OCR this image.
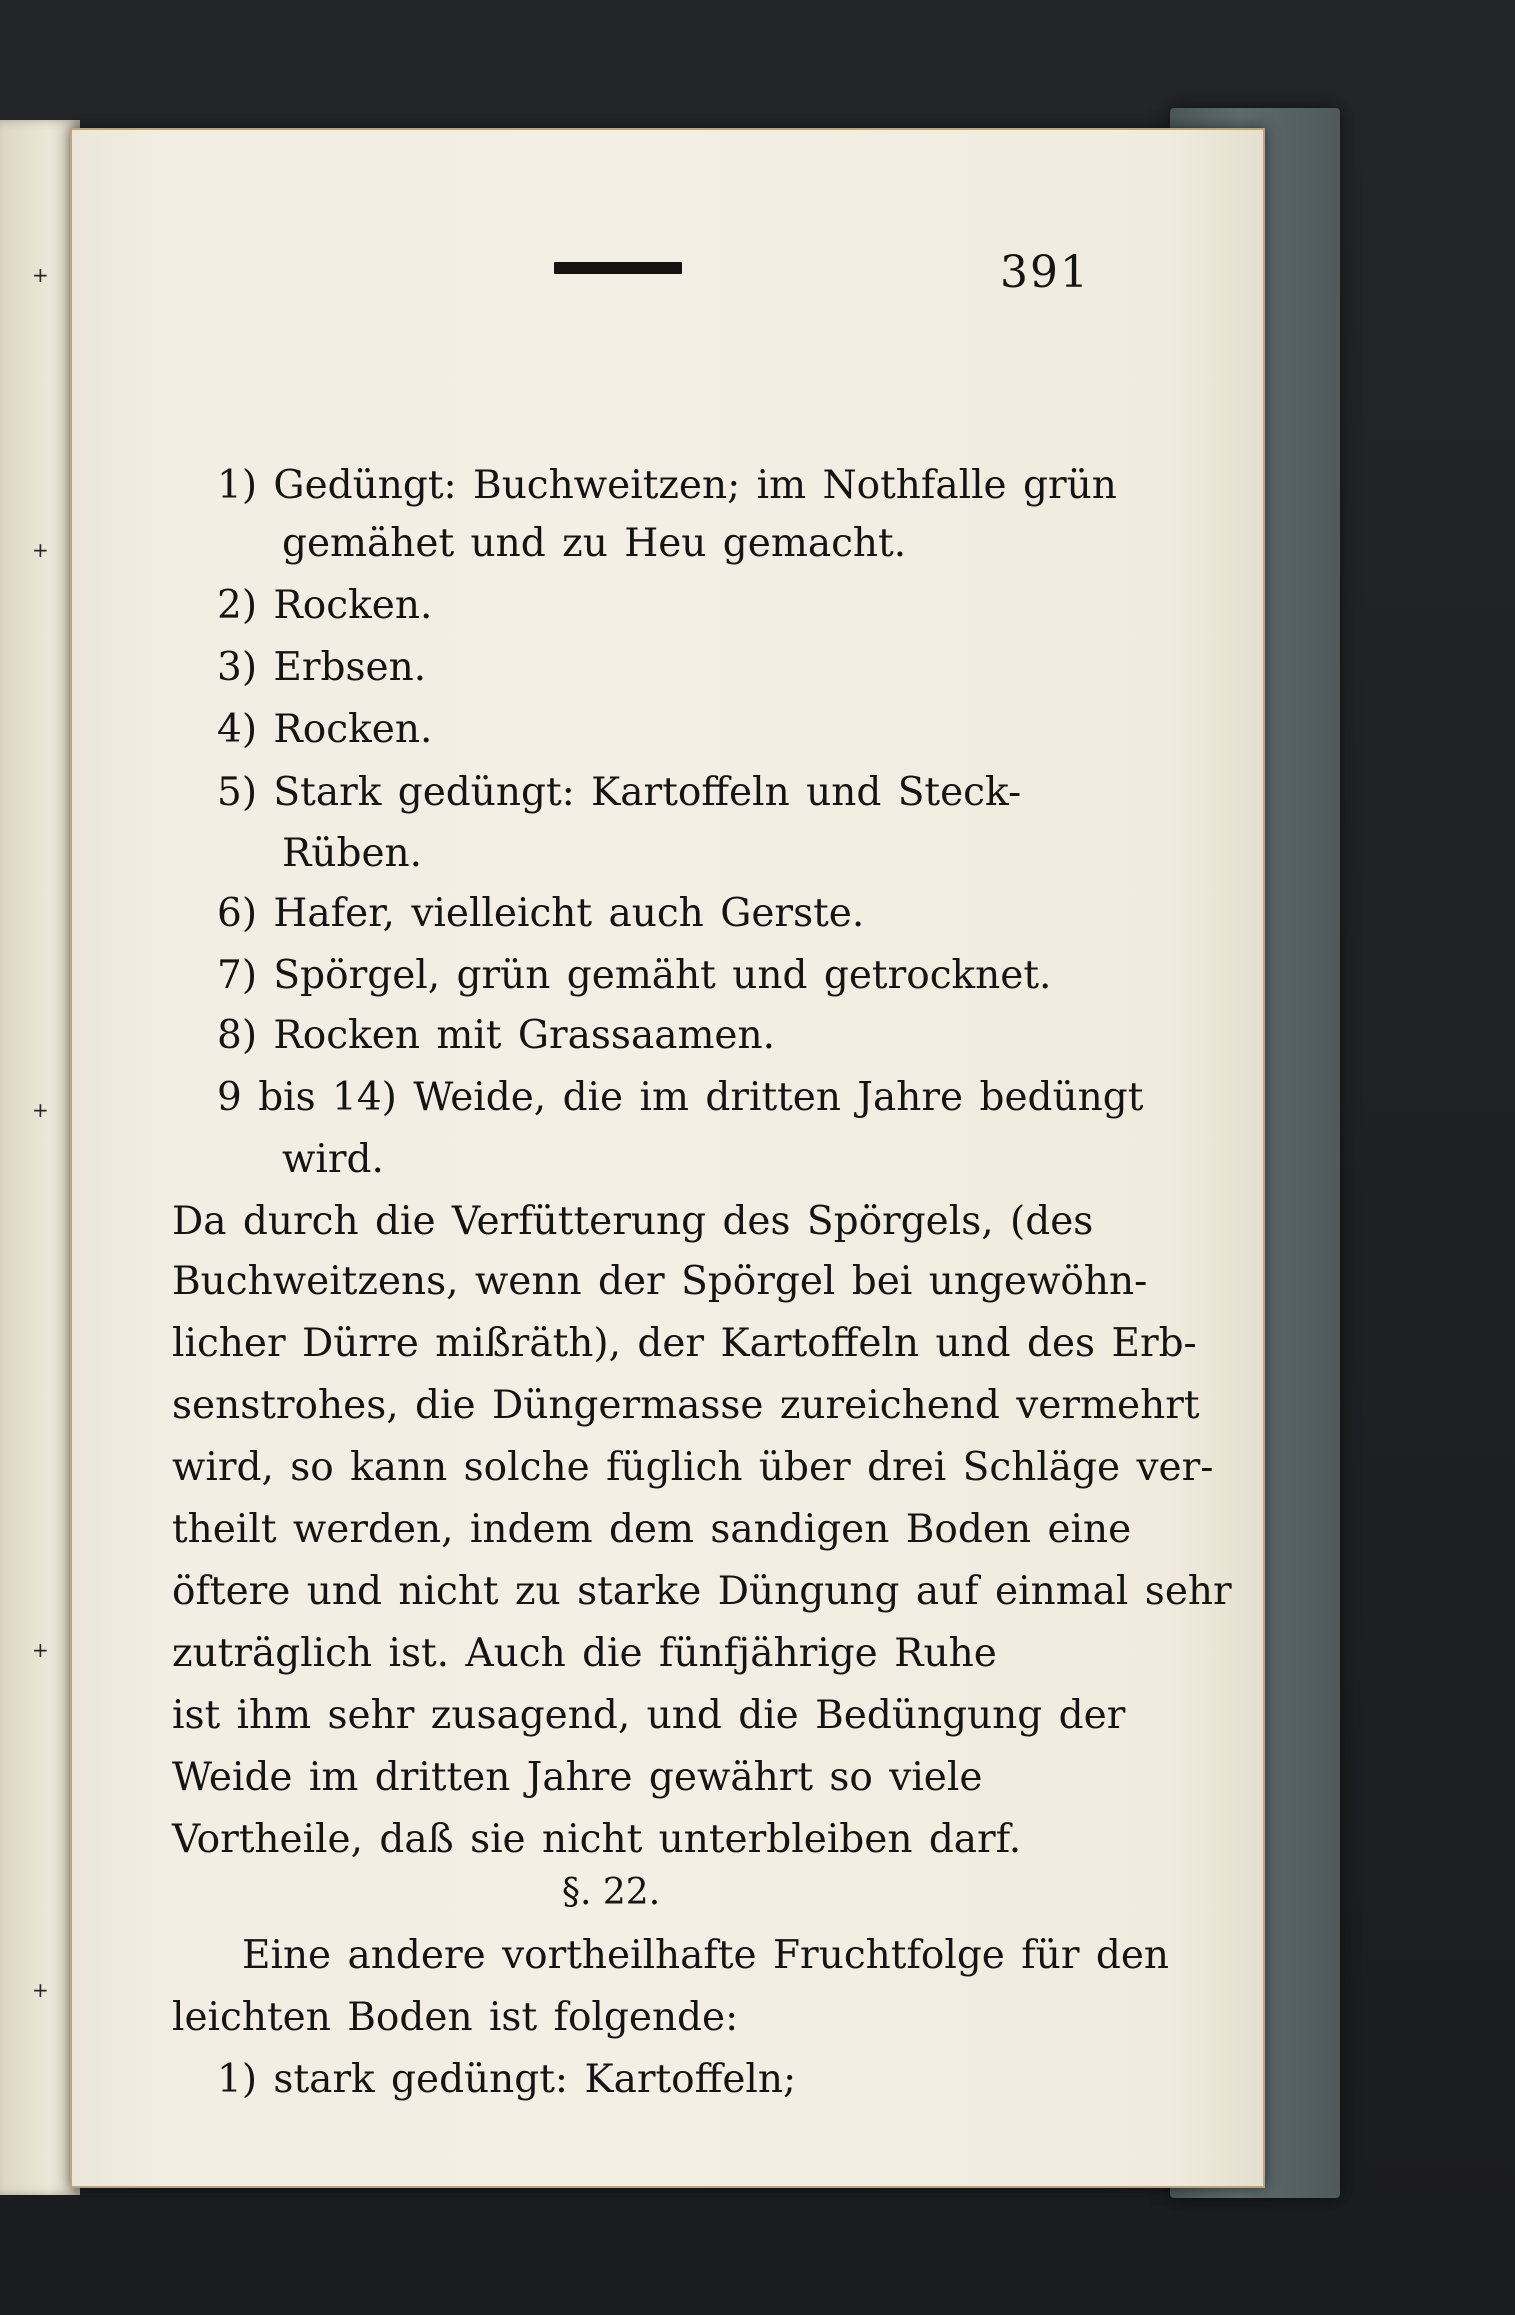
+
+
+
+
+
391
1) Gedüngt: Buchweitzen; im Nothfalle grün
gemähet und zu Heu gemacht.
2) Rocken.
3) Erbsen.
4) Rocken.
5) Stark gedüngt: Kartoffeln und Steck-
Rüben.
6) Hafer, vielleicht auch Gerste.
7) Spörgel, grün gemäht und getrocknet.
8) Rocken mit Grassaamen.
9 bis 14) Weide, die im dritten Jahre bedüngt
wird.
Da durch die Verfütterung des Spörgels, (des
Buchweitzens, wenn der Spörgel bei ungewöhn-
licher Dürre mißräth), der Kartoffeln und des Erb-
senstrohes, die Düngermasse zureichend vermehrt
wird, so kann solche füglich über drei Schläge ver-
theilt werden, indem dem sandigen Boden eine
öftere und nicht zu starke Düngung auf einmal sehr
zuträglich ist. Auch die fünfjährige Ruhe
ist ihm sehr zusagend, und die Bedüngung der
Weide im dritten Jahre gewährt so viele
Vortheile, daß sie nicht unterbleiben darf.
§. 22.
Eine andere vortheilhafte Fruchtfolge für den
leichten Boden ist folgende:
1) stark gedüngt: Kartoffeln;
